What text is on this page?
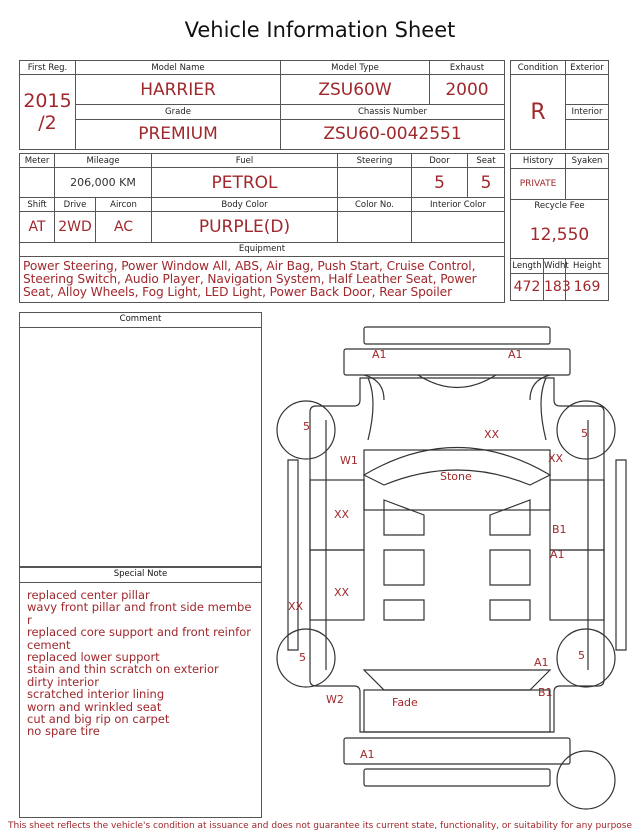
Vehicle Information Sheet
First Reg.	Model Name	Model Type	Exhaust

2015
/2	HARRIER	ZSU60W	2000
	Grade	Chassis Number	
	PREMIUM	ZSU60-0042551	
Condition	Exterior
R	
	Interior

Meter	Mileage		Fuel	Steering	Door	Seat
	206,000 KM		PETROL		5	5
Shift	Drive	Aircon	Body Color	Color No.	Interior Color	
AT	2WD	AC	PURPLE(D)			
Equipment						
Power Steering, Power Window All, ABS, Air Bag, Push Start, Cruise Control, Steering Switch, Audio Player, Navigation System, Half Leather Seat, Power Seat, Alloy Wheels, Fog Light, LED Light, Power Back Door, Rear Spoiler						
History		Syaken
PRIVATE		

Recycle Fee
12,550		

Length	Widht	Height
472	183	169
Comment
Special Note
replaced center pillar
wavy front pillar and front side member
replaced core support and front reinforcement
replaced lower support
stain and thin scratch on exterior
dirty interior
scratched interior lining
worn and wrinkled seat
cut and big rip on carpet
no spare tire
A1	A1
XX
W1	XX
Stone
XX
B1
A1
XX
XX
A1
B1
W2	Fade
A1
5
5
5	5
This sheet reflects the vehicle's condition at issuance and does not guarantee its current state, functionality, or suitability for any purpose
